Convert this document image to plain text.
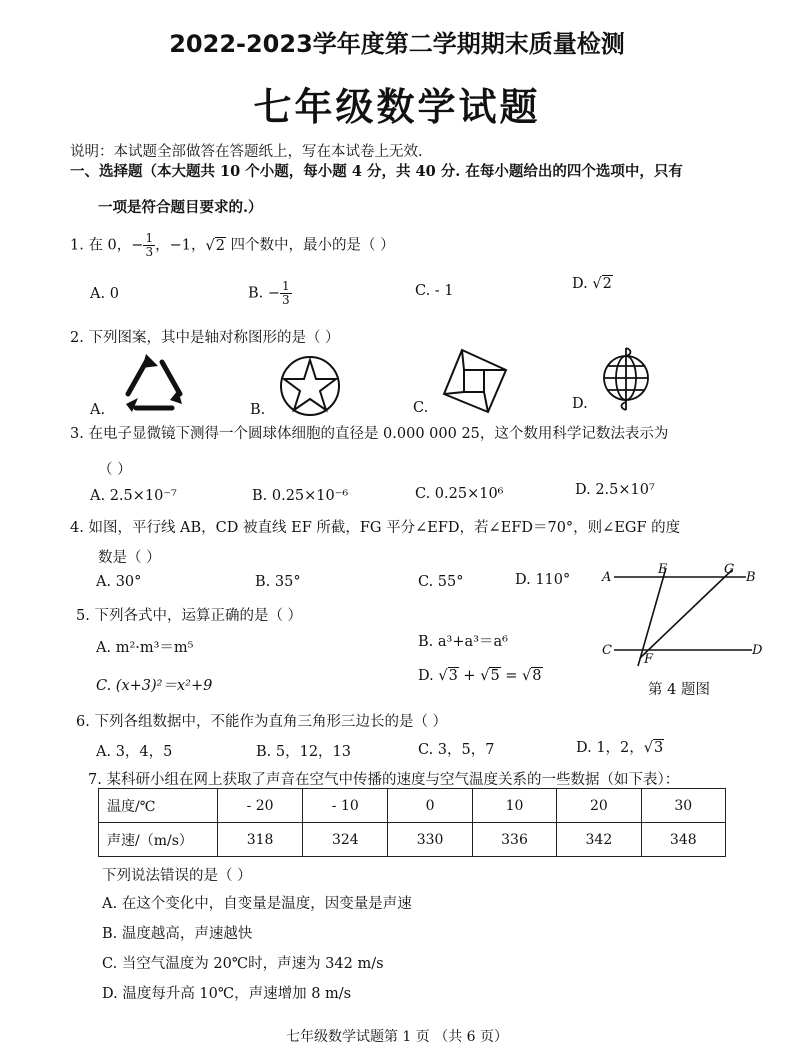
2022-2023学年度第二学期期末质量检测
七年级数学试题
说明：本试题全部做答在答题纸上，写在本试卷上无效.
一、选择题（本大题共 10 个小题，每小题 4 分，共 40 分. 在每小题给出的四个选项中，只有
一项是符合题目要求的.）
1. 在 0，− $\frac{1}{3}$ ，−1，√2 四个数中，最小的是（ ）
A. 0	B. − $\frac{1}{3}$	C. - 1	D. √2
2. 下列图案，其中是轴对称图形的是（ ）
A.	B.	C.	D.
3. 在电子显微镜下测得一个圆球体细胞的直径是 0.000 000 25，这个数用科学记数法表示为
（ ）
A. 2.5×10⁻⁷	B. 0.25×10⁻⁶	C. 0.25×10⁶	D. 2.5×10⁷
4. 如图，平行线 AB，CD 被直线 EF 所截，FG 平分∠EFD，若∠EFD＝70°，则∠EGF 的度
数是（ ）
A. 30°	B. 35°	C. 55°	D. 110° A
E	G
B
C
F
D
第 4 题图
5. 下列各式中，运算正确的是（ ）
A. m²·m³＝m⁵	B. a³+a³＝a⁶
C. (x+3)²＝x²+9
D. √3 + √5 = √8
6. 下列各组数据中，不能作为直角三角形三边长的是（ ）
A. 3，4，5	B. 5，12，13	C. 3，5，7	D. 1，2，√3
7. 某科研小组在网上获取了声音在空气中传播的速度与空气温度关系的一些数据（如下表）：
温度/℃	- 20	- 10	0	10	20	30
声速/（m/s）	318	324	330	336	342	348
下列说法错误的是（ ）
A. 在这个变化中，自变量是温度，因变量是声速
B. 温度越高，声速越快
C. 当空气温度为 20℃时，声速为 342 m/s
D. 温度每升高 10℃，声速增加 8 m/s
七年级数学试题第 1 页 （共 6 页）
